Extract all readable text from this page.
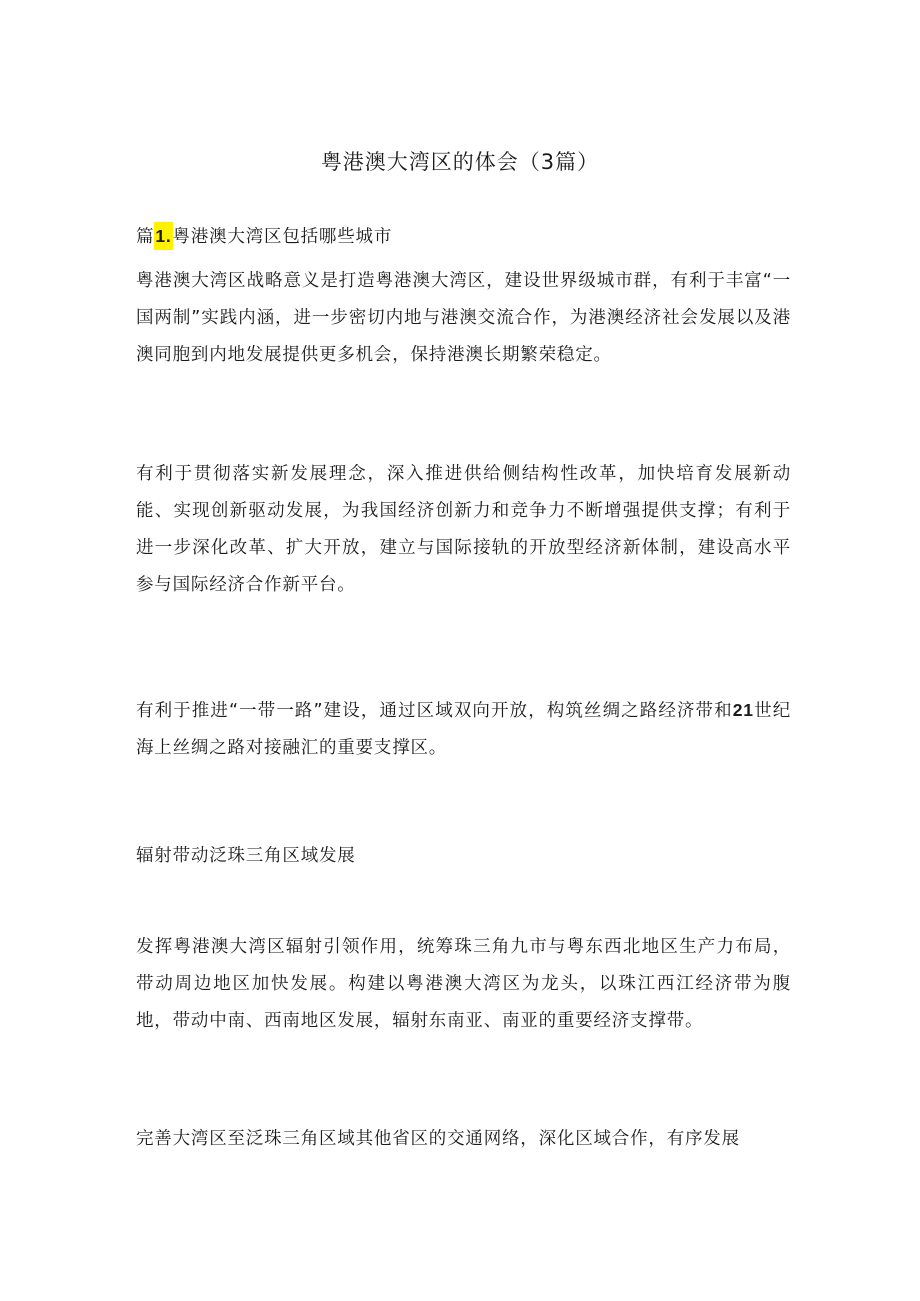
粤港澳大湾区的体会（3篇）
篇1.粤港澳大湾区包括哪些城市

粤港澳大湾区战略意义是打造粤港澳大湾区，建设世界级城市群，有利于丰富“一国两制”实践内涵，进一步密切内地与港澳交流合作，为港澳经济社会发展以及港澳同胞到内地发展提供更多机会，保持港澳长期繁荣稳定。

有利于贯彻落实新发展理念，深入推进供给侧结构性改革，加快培育发展新动能、实现创新驱动发展，为我国经济创新力和竞争力不断增强提供支撑；有利于进一步深化改革、扩大开放，建立与国际接轨的开放型经济新体制，建设高水平参与国际经济合作新平台。

有利于推进“一带一路”建设，通过区域双向开放，构筑丝绸之路经济带和21世纪海上丝绸之路对接融汇的重要支撑区。

辐射带动泛珠三角区域发展

发挥粤港澳大湾区辐射引领作用，统筹珠三角九市与粤东西北地区生产力布局，带动周边地区加快发展。构建以粤港澳大湾区为龙头，以珠江西江经济带为腹地，带动中南、西南地区发展，辐射东南亚、南亚的重要经济支撑带。

完善大湾区至泛珠三角区域其他省区的交通网络，深化区域合作，有序发展
